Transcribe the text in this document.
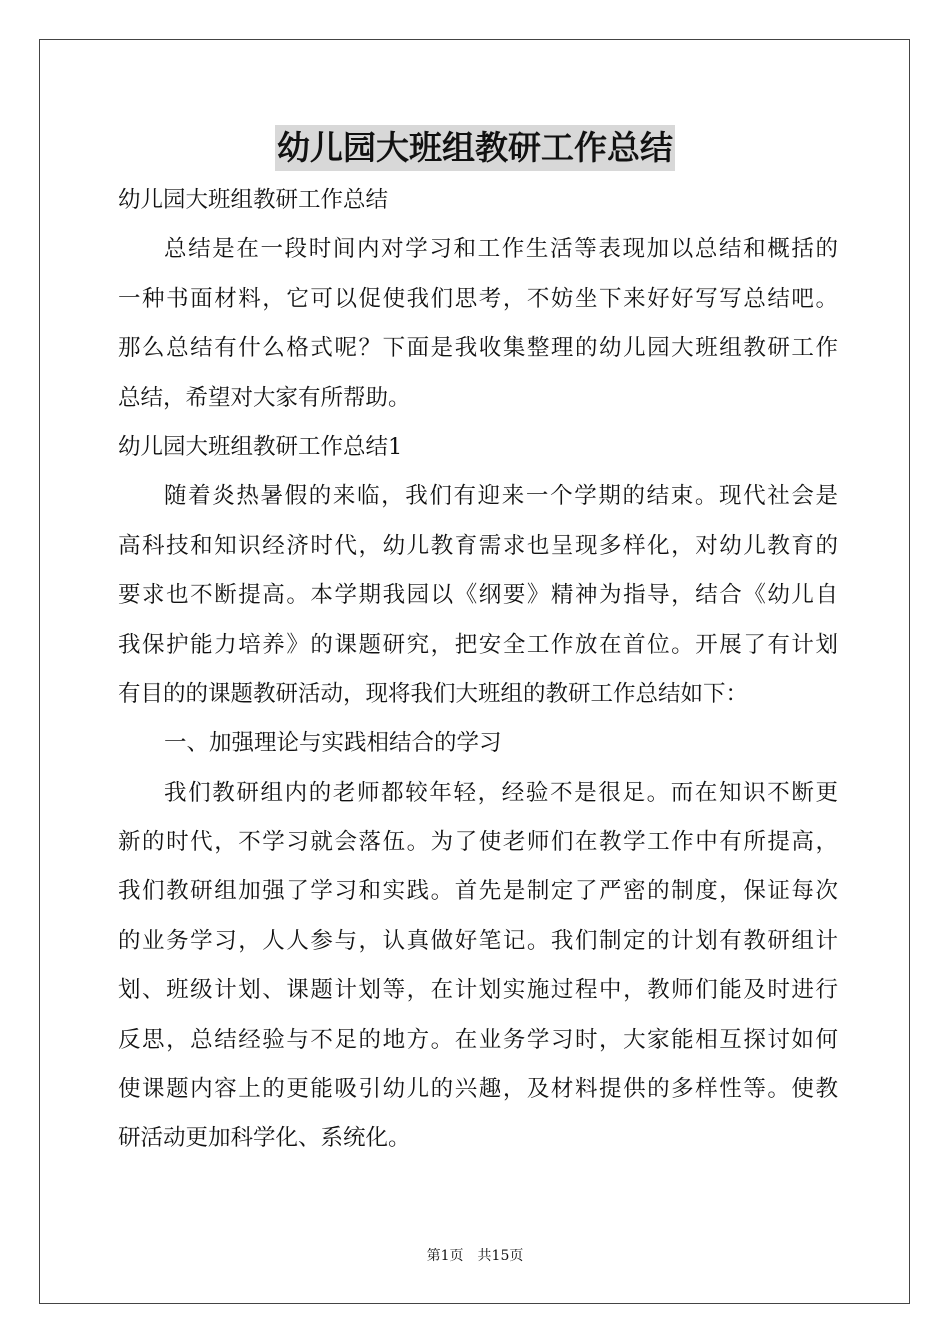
幼儿园大班组教研工作总结
幼儿园大班组教研工作总结
总结是在一段时间内对学习和工作生活等表现加以总结和概括的
一种书面材料，它可以促使我们思考，不妨坐下来好好写写总结吧。
那么总结有什么格式呢？下面是我收集整理的幼儿园大班组教研工作
总结，希望对大家有所帮助。
幼儿园大班组教研工作总结1
随着炎热暑假的来临，我们有迎来一个学期的结束。现代社会是
高科技和知识经济时代，幼儿教育需求也呈现多样化，对幼儿教育的
要求也不断提高。本学期我园以《纲要》精神为指导，结合《幼儿自
我保护能力培养》的课题研究，把安全工作放在首位。开展了有计划
有目的的课题教研活动，现将我们大班组的教研工作总结如下：
一、加强理论与实践相结合的学习
我们教研组内的老师都较年轻，经验不是很足。而在知识不断更
新的时代，不学习就会落伍。为了使老师们在教学工作中有所提高，
我们教研组加强了学习和实践。首先是制定了严密的制度，保证每次
的业务学习，人人参与，认真做好笔记。我们制定的计划有教研组计
划、班级计划、课题计划等，在计划实施过程中，教师们能及时进行
反思，总结经验与不足的地方。在业务学习时，大家能相互探讨如何
使课题内容上的更能吸引幼儿的兴趣，及材料提供的多样性等。使教
研活动更加科学化、系统化。
第1页 共15页
